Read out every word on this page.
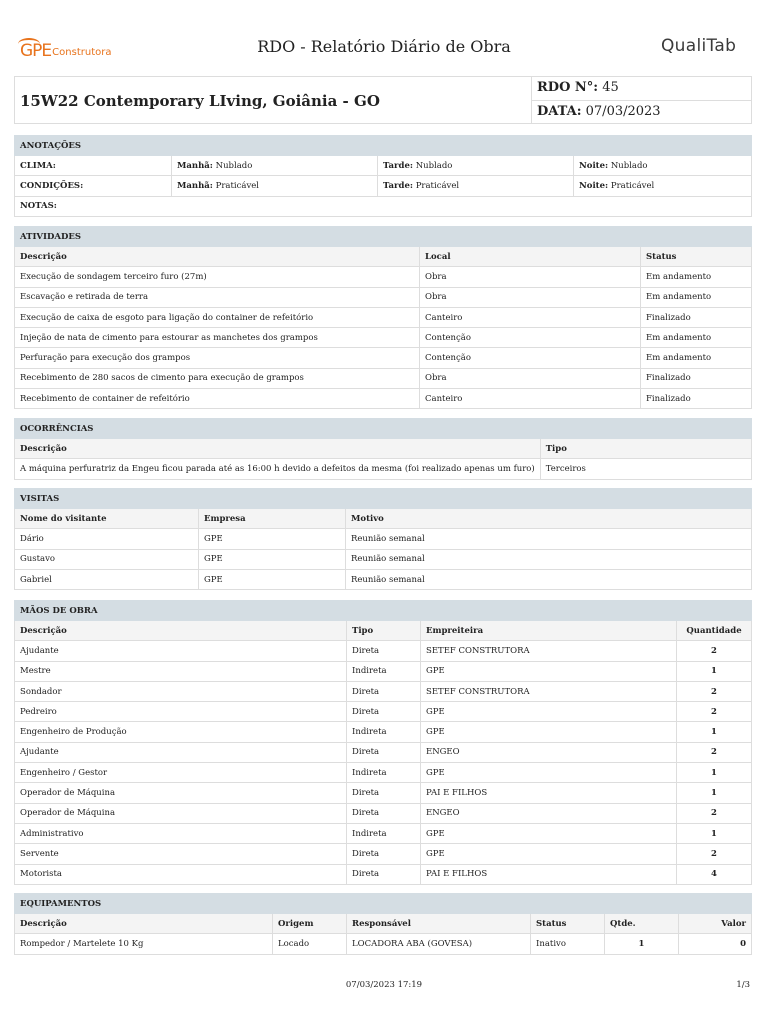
GPE Construtora	RDO - Relatório Diário de Obra	QualiTab
15W22 Contemporary LIving, Goiânia - GO
RDO N°: 45
DATA: 07/03/2023
ANOTAÇÕES			
CLIMA:	Manhã: Nublado	Tarde: Nublado	Noite: Nublado
CONDIÇÕES:	Manhã: Praticável	Tarde: Praticável	Noite: Praticável
NOTAS:			
ATIVIDADES		
Descrição	Local	Status
Execução de sondagem terceiro furo (27m)	Obra	Em andamento
Escavação e retirada de terra	Obra	Em andamento
Execução de caixa de esgoto para ligação do container de refeitório	Canteiro	Finalizado
Injeção de nata de cimento para estourar as manchetes dos grampos	Contenção	Em andamento
Perfuração para execução dos grampos	Contenção	Em andamento
Recebimento de 280 sacos de cimento para execução de grampos	Obra	Finalizado
Recebimento de container de refeitório	Canteiro	Finalizado
OCORRÊNCIAS	
Descrição	Tipo
A máquina perfuratriz da Engeu ficou parada até as 16:00 h devido a defeitos da mesma (foi realizado apenas um furo)	Terceiros
VISITAS		
Nome do visitante	Empresa	Motivo
Dário	GPE	Reunião semanal
Gustavo	GPE	Reunião semanal
Gabriel	GPE	Reunião semanal
MÃOS DE OBRA			
Descrição	Tipo	Empreiteira	Quantidade
Ajudante	Direta	SETEF CONSTRUTORA	2
Mestre	Indireta	GPE	1
Sondador	Direta	SETEF CONSTRUTORA	2
Pedreiro	Direta	GPE	2
Engenheiro de Produção	Indireta	GPE	1
Ajudante	Direta	ENGEO	2
Engenheiro / Gestor	Indireta	GPE	1
Operador de Máquina	Direta	PAI E FILHOS	1
Operador de Máquina	Direta	ENGEO	2
Administrativo	Indireta	GPE	1
Servente	Direta	GPE	2
Motorista	Direta	PAI E FILHOS	4
EQUIPAMENTOS					
Descrição	Origem	Responsável	Status	Qtde.	Valor
Rompedor / Martelete 10 Kg	Locado	LOCADORA ABA (GOVESA)	Inativo	1	0
07/03/2023 17:19	1/3
